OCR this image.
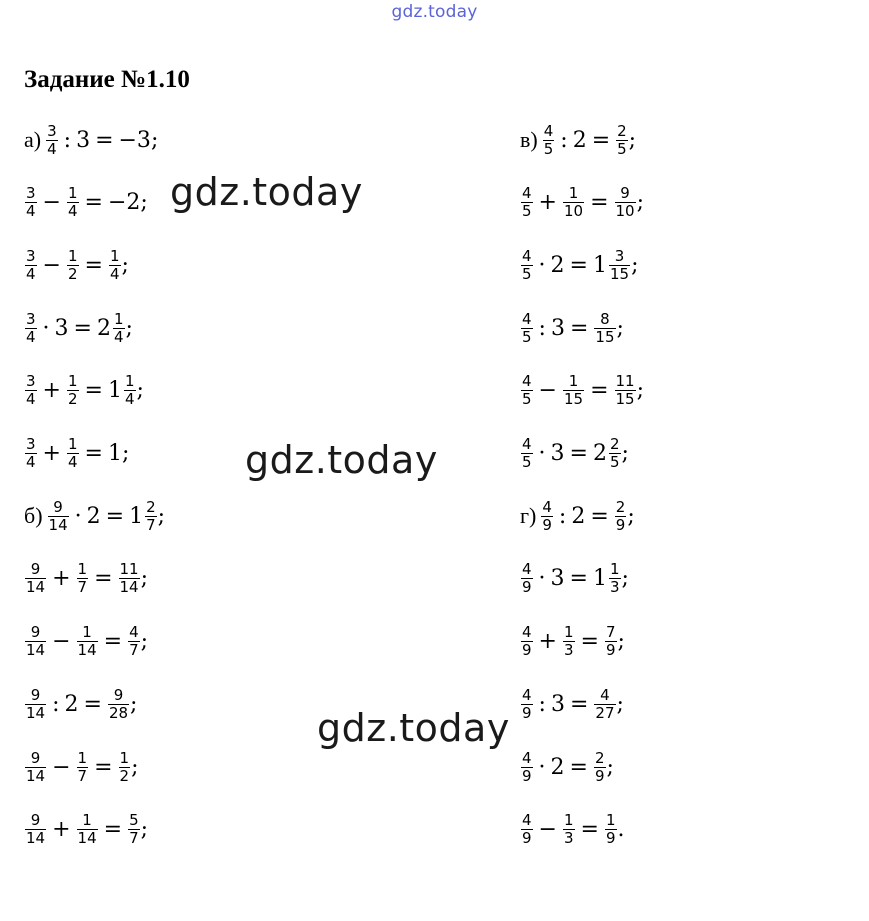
gdz.today
Задание №1.10
$а) \frac{3}{4}$ : 3 = −3 ;
$\frac{3}{4} - \frac{1}{4} = -2$ ;
$\frac{3}{4} - \frac{1}{2} = \frac{1}{4}$ ;
$\frac{3}{4} \cdot 3 = 2 \frac{1}{4}$ ;
$\frac{3}{4} + \frac{1}{2} = 1 \frac{1}{4}$ ;
$\frac{3}{4} + \frac{1}{4} = 1$ ;
$б) \frac{9}{14} \cdot 2 = 1 \frac{2}{7}$ ;
$\frac{9}{14} + \frac{1}{7} = \frac{11}{14}$ ;
$\frac{9}{14} - \frac{1}{14} = \frac{4}{7}$ ;
$\frac{9}{14}$ : $2 = \frac{9}{28}$ ;
$\frac{9}{14} - \frac{1}{7} = \frac{1}{2}$ ;
$\frac{9}{14} + \frac{1}{14} = \frac{5}{7}$ ;
$в) \frac{4}{5}$ : $2 = \frac{2}{5}$ ;
$\frac{4}{5} + \frac{1}{10} = \frac{9}{10}$ ;
$\frac{4}{5} \cdot 2 = 1 \frac{3}{15}$ ;
$\frac{4}{5}$ : $3 = \frac{8}{15}$ ;
$\frac{4}{5} - \frac{1}{15} = \frac{11}{15}$ ;
$\frac{4}{5} \cdot 3 = 2 \frac{2}{5}$ ;
$г) \frac{4}{9}$ : $2 = \frac{2}{9}$ ;
$\frac{4}{9} \cdot 3 = 1 \frac{1}{3}$ ;
$\frac{4}{9} + \frac{1}{3} = \frac{7}{9}$ ;
$\frac{4}{9}$ : $3 = \frac{4}{27}$ ;
$\frac{4}{9} \cdot 2 = \frac{2}{9}$ ;
$\frac{4}{9} - \frac{1}{3} = \frac{1}{9}$ .
gdz.today
gdz.today
gdz.today
